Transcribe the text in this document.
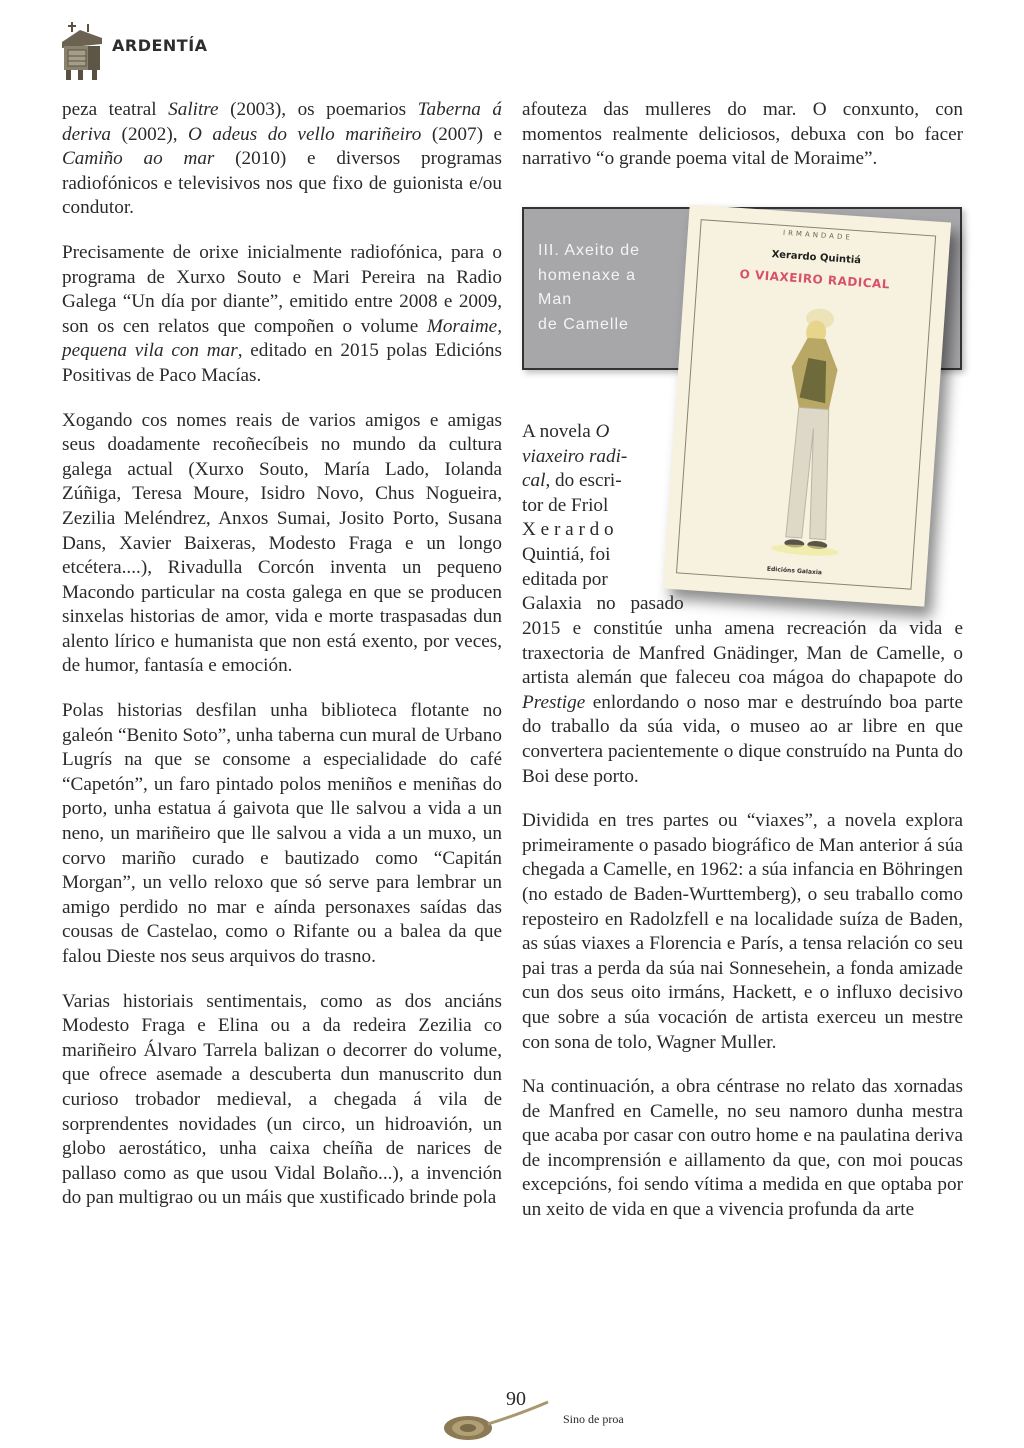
ARDENTÍA

peza teatral Salitre (2003), os poemarios Taberna á deriva (2002), O adeus do vello mariñeiro (2007) e Camiño ao mar (2010) e diversos programas radiofónicos e televisivos nos que fixo de guionista e/ou condutor.

Precisamente de orixe inicialmente radiofónica, para o programa de Xurxo Souto e Mari Pereira na Radio Galega “Un día por diante”, emitido entre 2008 e 2009, son os cen relatos que compoñen o volume Moraime, pequena vila con mar, editado en 2015 polas Edicións Positivas de Paco Macías.

Xogando cos nomes reais de varios amigos e amigas seus doadamente recoñecíbeis no mundo da cultura galega actual (Xurxo Souto, María Lado, Iolanda Zúñiga, Teresa Moure, Isidro Novo, Chus Nogueira, Zezilia Meléndrez, Anxos Sumai, Josito Porto, Susana Dans, Xavier Baixeras, Modesto Fraga e un longo etcétera....), Rivadulla Corcón inventa un pequeno Macondo particular na costa galega en que se producen sinxelas historias de amor, vida e morte traspasadas dun alento lírico e humanista que non está exento, por veces, de humor, fantasía e emoción.

Polas historias desfilan unha biblioteca flotante no galeón “Benito Soto”, unha taberna cun mural de Urbano Lugrís na que se consome a especialidade do café “Capetón”, un faro pintado polos meniños e meniñas do porto, unha estatua á gaivota que lle salvou a vida a un neno, un mariñeiro que lle salvou a vida a un muxo, un corvo mariño curado e bautizado como “Capitán Morgan”, un vello reloxo que só serve para lembrar un amigo perdido no mar e aínda personaxes saídas das cousas de Castelao, como o Rifante ou a balea da que falou Dieste nos seus arquivos do trasno.

Varias historiais sentimentais, como as dos anciáns Modesto Fraga e Elina ou a da redeira Zezilia co mariñeiro Álvaro Tarrela balizan o decorrer do volume, que ofrece asemade a descuberta dun manuscrito dun curioso trobador medieval, a chegada á vila de sorprendentes novidades (un circo, un hidroavión, un globo aerostático, unha caixa cheíña de narices de pallaso como as que usou Vidal Bolaño...), a invención do pan multigrao ou un máis que xustificado brinde pola

afouteza das mulleres do mar. O conxunto, con momentos realmente deliciosos, debuxa con bo facer narrativo “o grande poema vital de Moraime”.

III. Axeito de
homenaxe a
Man
de Camelle
IRMANDADE
Xerardo Quintiá
O VIAXEIRO RADICAL
Edicións Galaxia
A novela O
viaxeiro radi-
cal, do escri-
tor de Friol
X e r a r d o
Quintiá, foi
editada por
Galaxia no pasado

2015 e constitúe unha amena recreación da vida e traxectoria de Manfred Gnädinger, Man de Camelle, o artista alemán que faleceu coa mágoa do chapapote do Prestige enlordando o noso mar e destruíndo boa parte do traballo da súa vida, o museo ao ar libre en que convertera pacientemente o dique construído na Punta do Boi dese porto.

Dividida en tres partes ou “viaxes”, a novela explora primeiramente o pasado biográfico de Man anterior á súa chegada a Camelle, en 1962: a súa infancia en Böhringen (no estado de Baden-Wurttemberg), o seu traballo como reposteiro en Radolzfell e na localidade suíza de Baden, as súas viaxes a Florencia e París, a tensa relación co seu pai tras a perda da súa nai Sonnesehein, a fonda amizade cun dos seus oito irmáns, Hackett, e o influxo decisivo que sobre a súa vocación de artista exerceu un mestre con sona de tolo, Wagner Muller.

Na continuación, a obra céntrase no relato das xornadas de Manfred en Camelle, no seu namoro dunha mestra que acaba por casar con outro home e na paulatina deriva de incomprensión e aillamento da que, con moi poucas excepcións, foi sendo vítima a medida en que optaba por un xeito de vida en que a vivencia profunda da arte

90
Sino de proa
